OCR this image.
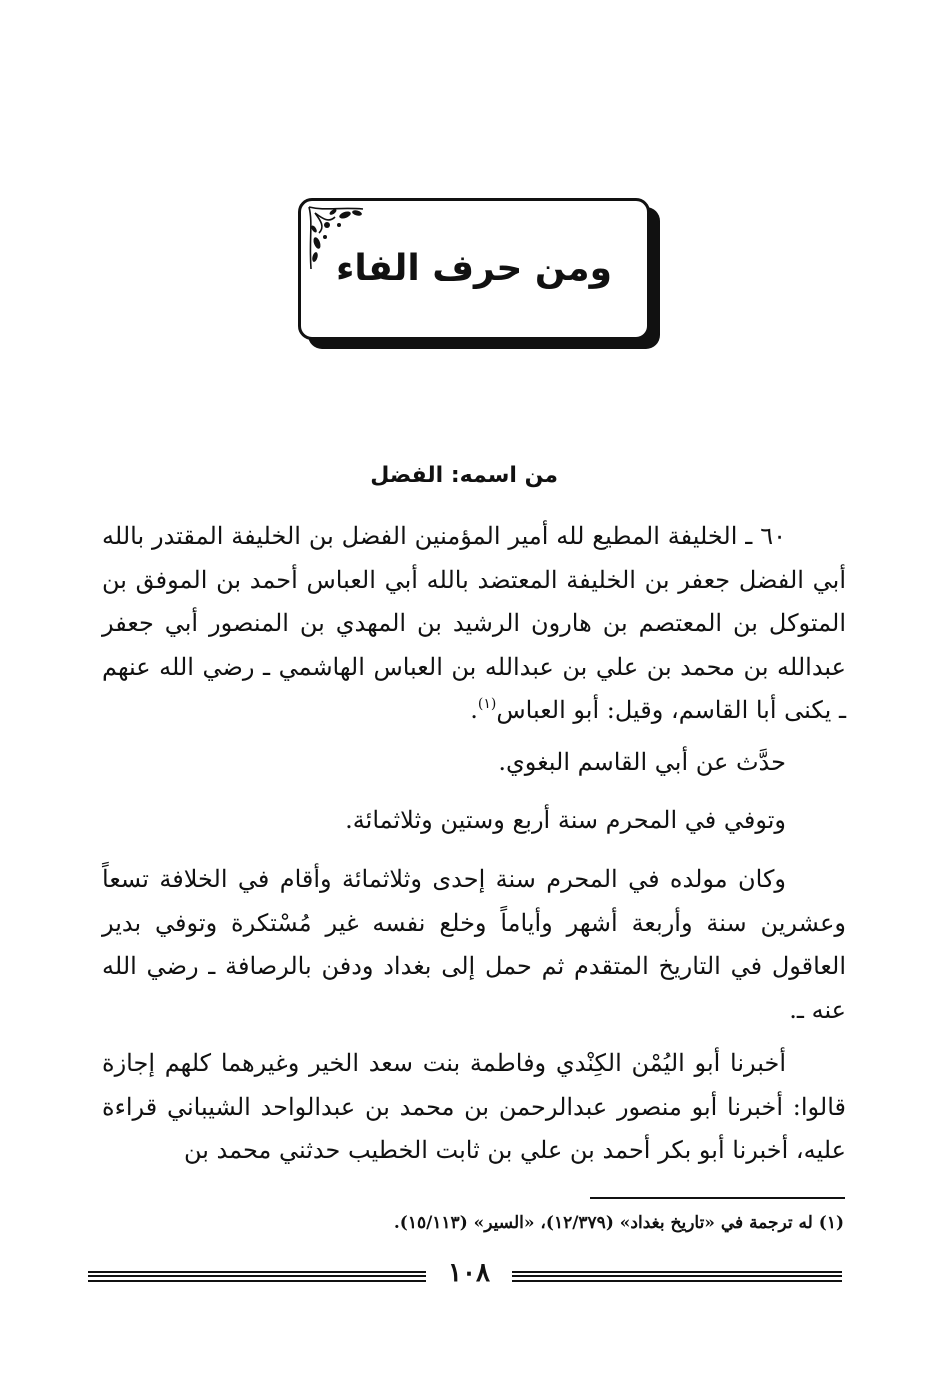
ومن حرف الفاء
من اسمه: الفضل
٦٠ ـ الخليفة المطيع لله أمير المؤمنين الفضل بن الخليفة المقتدر بالله أبي الفضل جعفر بن الخليفة المعتضد بالله أبي العباس أحمد بن الموفق بن المتوكل بن المعتصم بن هارون الرشيد بن المهدي بن المنصور أبي جعفر عبدالله بن محمد بن علي بن عبدالله بن العباس الهاشمي ـ رضي الله عنهم ـ يكنى أبا القاسم، وقيل: أبو العباس$^{(١)}$.
حدَّث عن أبي القاسم البغوي.
وتوفي في المحرم سنة أربع وستين وثلاثمائة.
وكان مولده في المحرم سنة إحدى وثلاثمائة وأقام في الخلافة تسعاً وعشرين سنة وأربعة أشهر وأياماً وخلع نفسه غير مُسْتكرة وتوفي بدير العاقول في التاريخ المتقدم ثم حمل إلى بغداد ودفن بالرصافة ـ رضي الله عنه ـ.
أخبرنا أبو اليُمْن الكِنْدي وفاطمة بنت سعد الخير وغيرهما كلهم إجازة قالوا: أخبرنا أبو منصور عبدالرحمن بن محمد بن عبدالواحد الشيباني قراءة عليه، أخبرنا أبو بكر أحمد بن علي بن ثابت الخطيب حدثني محمد بن
(١) له ترجمة في «تاريخ بغداد» (١٢/٣٧٩)، «السير» (١٥/١١٣).
١٠٨
